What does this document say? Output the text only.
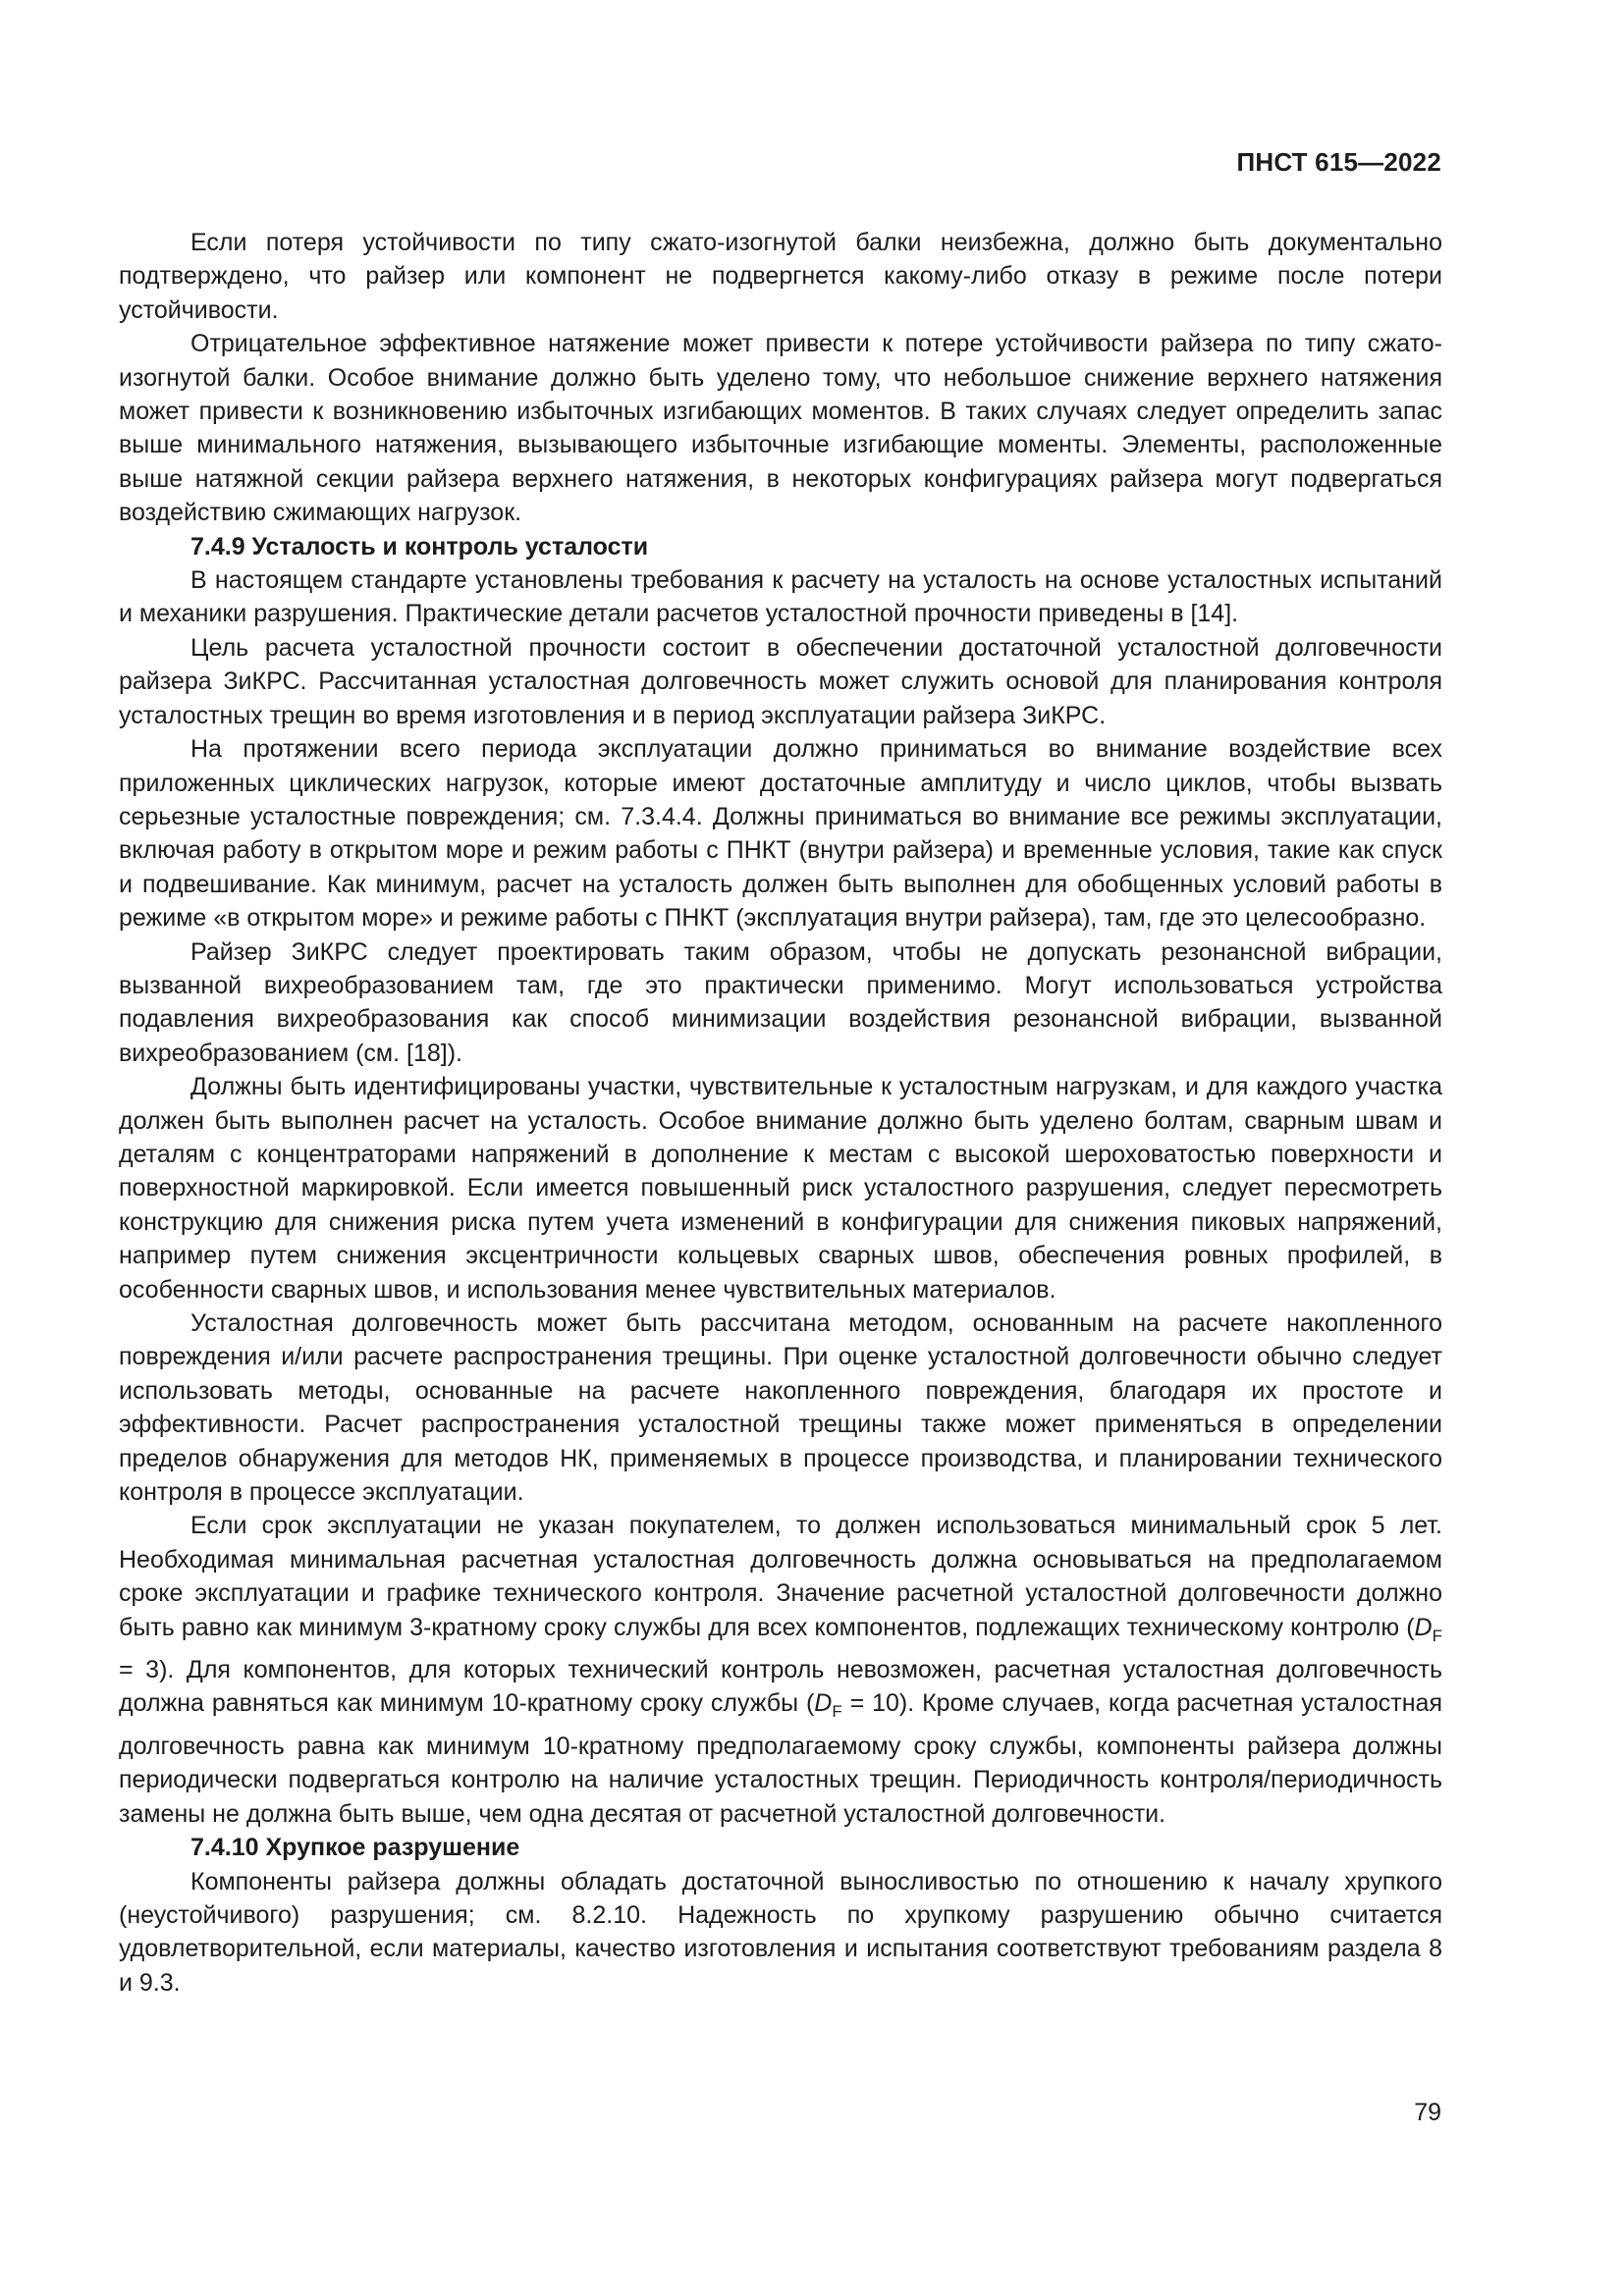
ПНСТ 615—2022

Если потеря устойчивости по типу сжато-изогнутой балки неизбежна, должно быть документально подтверждено, что райзер или компонент не подвергнется какому-либо отказу в режиме после потери устойчивости.

Отрицательное эффективное натяжение может привести к потере устойчивости райзера по типу сжато-изогнутой балки. Особое внимание должно быть уделено тому, что небольшое снижение верхнего натяжения может привести к возникновению избыточных изгибающих моментов. В таких случаях следует определить запас выше минимального натяжения, вызывающего избыточные изгибающие моменты. Элементы, расположенные выше натяжной секции райзера верхнего натяжения, в некоторых конфигурациях райзера могут подвергаться воздействию сжимающих нагрузок.

7.4.9 Усталость и контроль усталости

В настоящем стандарте установлены требования к расчету на усталость на основе усталостных испытаний и механики разрушения. Практические детали расчетов усталостной прочности приведены в [14].

Цель расчета усталостной прочности состоит в обеспечении достаточной усталостной долговечности райзера ЗиКРС. Рассчитанная усталостная долговечность может служить основой для планирования контроля усталостных трещин во время изготовления и в период эксплуатации райзера ЗиКРС.

На протяжении всего периода эксплуатации должно приниматься во внимание воздействие всех приложенных циклических нагрузок, которые имеют достаточные амплитуду и число циклов, чтобы вызвать серьезные усталостные повреждения; см. 7.3.4.4. Должны приниматься во внимание все режимы эксплуатации, включая работу в открытом море и режим работы с ПНКТ (внутри райзера) и временные условия, такие как спуск и подвешивание. Как минимум, расчет на усталость должен быть выполнен для обобщенных условий работы в режиме «в открытом море» и режиме работы с ПНКТ (эксплуатация внутри райзера), там, где это целесообразно.

Райзер ЗиКРС следует проектировать таким образом, чтобы не допускать резонансной вибрации, вызванной вихреобразованием там, где это практически применимо. Могут использоваться устройства подавления вихреобразования как способ минимизации воздействия резонансной вибрации, вызванной вихреобразованием (см. [18]).

Должны быть идентифицированы участки, чувствительные к усталостным нагрузкам, и для каждого участка должен быть выполнен расчет на усталость. Особое внимание должно быть уделено болтам, сварным швам и деталям с концентраторами напряжений в дополнение к местам с высокой шероховатостью поверхности и поверхностной маркировкой. Если имеется повышенный риск усталостного разрушения, следует пересмотреть конструкцию для снижения риска путем учета изменений в конфигурации для снижения пиковых напряжений, например путем снижения эксцентричности кольцевых сварных швов, обеспечения ровных профилей, в особенности сварных швов, и использования менее чувствительных материалов.

Усталостная долговечность может быть рассчитана методом, основанным на расчете накопленного повреждения и/или расчете распространения трещины. При оценке усталостной долговечности обычно следует использовать методы, основанные на расчете накопленного повреждения, благодаря их простоте и эффективности. Расчет распространения усталостной трещины также может применяться в определении пределов обнаружения для методов НК, применяемых в процессе производства, и планировании технического контроля в процессе эксплуатации.

Если срок эксплуатации не указан покупателем, то должен использоваться минимальный срок 5 лет. Необходимая минимальная расчетная усталостная долговечность должна основываться на предполагаемом сроке эксплуатации и графике технического контроля. Значение расчетной усталостной долговечности должно быть равно как минимум 3-кратному сроку службы для всех компонентов, подлежащих техническому контролю $(D_F = 3)$. Для компонентов, для которых технический контроль невозможен, расчетная усталостная долговечность должна равняться как минимум 10-кратному сроку службы $(D_F = 10)$. Кроме случаев, когда расчетная усталостная долговечность равна как минимум 10-кратному предполагаемому сроку службы, компоненты райзера должны периодически подвергаться контролю на наличие усталостных трещин. Периодичность контроля/периодичность замены не должна быть выше, чем одна десятая от расчетной усталостной долговечности.

7.4.10 Хрупкое разрушение

Компоненты райзера должны обладать достаточной выносливостью по отношению к началу хрупкого (неустойчивого) разрушения; см. 8.2.10. Надежность по хрупкому разрушению обычно считается удовлетворительной, если материалы, качество изготовления и испытания соответствуют требованиям раздела 8 и 9.3.

79
